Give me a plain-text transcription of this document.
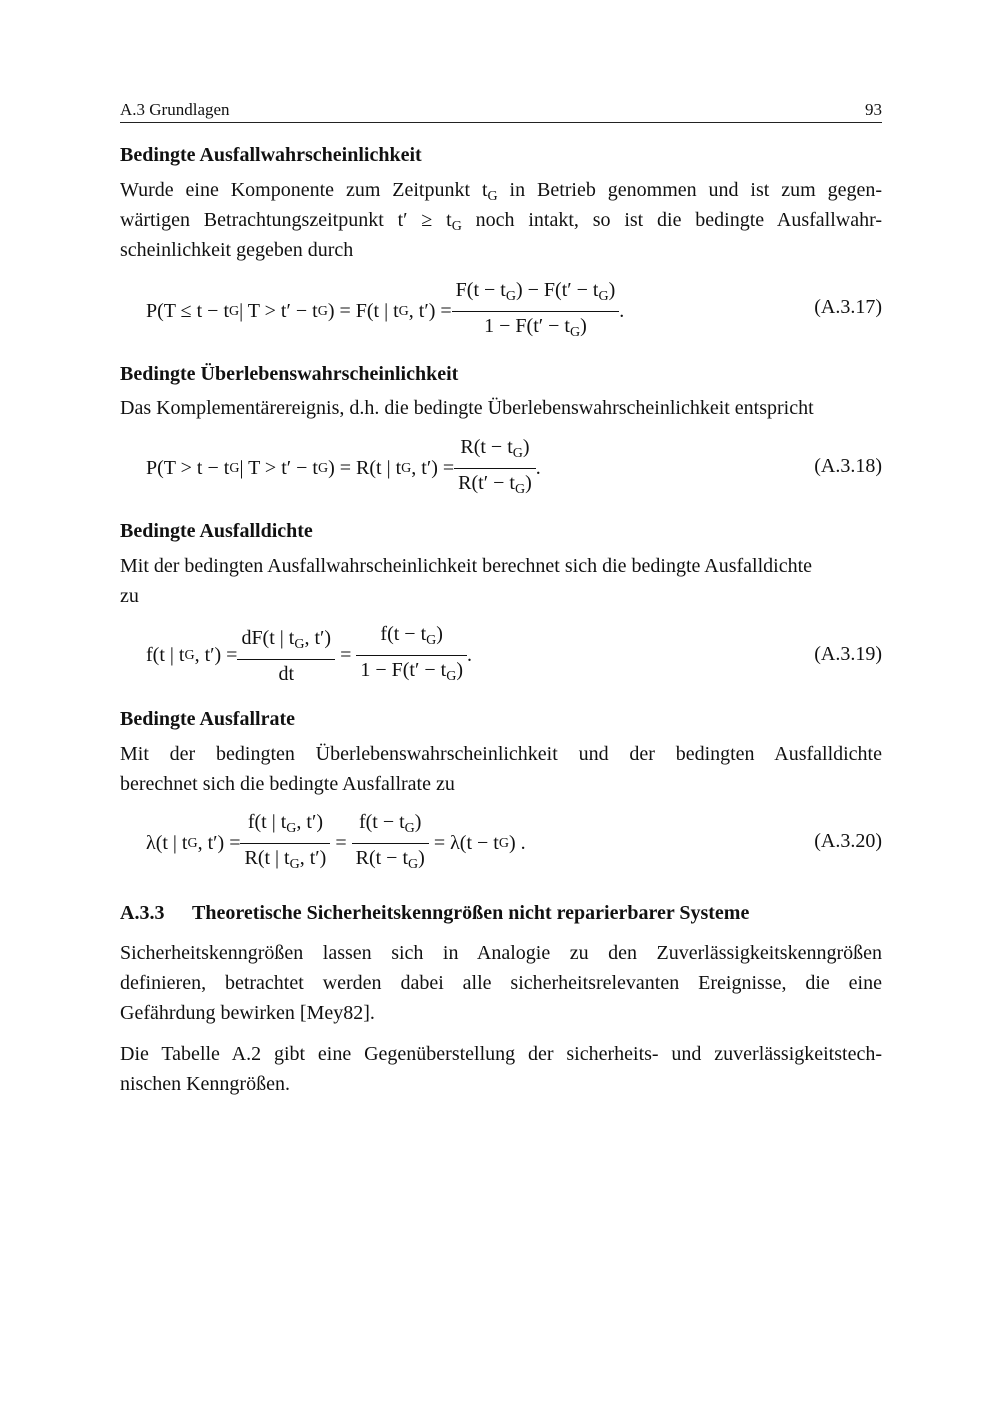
A.3 Grundlagen	93
Bedingte Ausfallwahrscheinlichkeit
Wurde eine Komponente zum Zeitpunkt $t_G$ in Betrieb genommen und ist zum gegen-
wärtigen Betrachtungszeitpunkt $t' \ge t_G$ noch intakt, so ist die bedingte Ausfallwahr-
scheinlichkeit gegeben durch
P(T ≤ t − t G | T > t′ − t G ) = F(t | t G , $t') = \frac{F(t - t_G) - F(t' - t_G)}{1 - F(t' - t_G)}$ .	(A.3.17)
Bedingte Überlebenswahrscheinlichkeit
Das Komplementärereignis, d.h. die bedingte Überlebenswahrscheinlichkeit entspricht
P(T > t − t G | T > t′ − t G ) = R(t | t G , $t') = \frac{R(t - t_G)}{R(t' - t_G)}$ .	(A.3.18)
Bedingte Ausfalldichte
Mit der bedingten Ausfallwahrscheinlichkeit berechnet sich die bedingte Ausfalldichte
zu
f(t | t G , $t') = \frac{dF(t | t_G, t')}{dt} = \frac{f(t - t_G)}{1 - F(t' - t_G)}$ .	(A.3.19)
Bedingte Ausfallrate
Mit der bedingten Überlebenswahrscheinlichkeit und der bedingten Ausfalldichte
berechnet sich die bedingte Ausfallrate zu
λ(t | t G , $t') = \frac{f(t | t_G, t')}{R(t | t_G, t')} = \frac{f(t - t_G)}{R(t - t_G)}$
= λ(t − t G ) .	(A.3.20)
A.3.3 Theoretische Sicherheitskenngrößen nicht reparierbarer Systeme
Sicherheitskenngrößen lassen sich in Analogie zu den Zuverlässigkeitskenngrößen
definieren, betrachtet werden dabei alle sicherheitsrelevanten Ereignisse, die eine
Gefährdung bewirken [Mey82].
Die Tabelle A.2 gibt eine Gegenüberstellung der sicherheits- und zuverlässigkeitstech-
nischen Kenngrößen.
